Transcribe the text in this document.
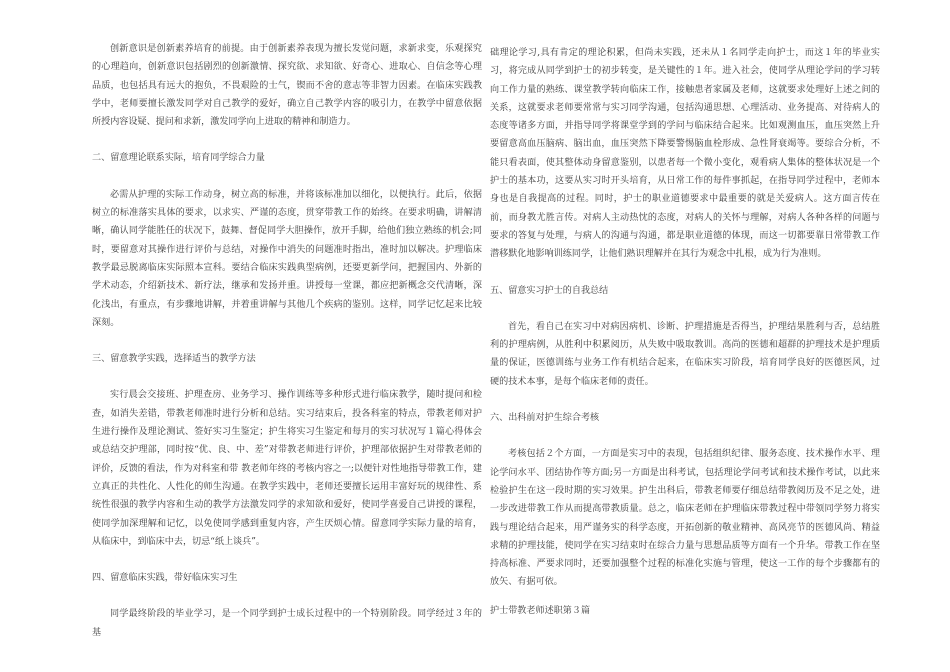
创新意识是创新素养培育的前提。由于创新素养表现为擅长发觉问题，求新求变，乐观探究的心理趋向，创新意识包括剧烈的创新激情、探究欲、求知欲、好奇心、进取心、自信念等心理品质，也包括具有远大的抱负，不畏艰险的士气，锲而不舍的意志等非智力因素。在临床实践教学中，老师要擅长激发同学对自己教学的爱好，确立自己教学内容的吸引力，在教学中留意依据所授内容设疑、提问和求新，激发同学向上进取的精神和制造力。

二、留意理论联系实际，培育同学综合力量

必需从护理的实际工作动身，树立高的标准，并将该标准加以细化，以便执行。此后，依据树立的标准落实具体的要求，以求实、严谨的态度，贯穿带教工作的始终。在要求明确，讲解清晰，确认同学能胜任的状况下，鼓舞、督促同学大胆操作，放开手脚，给他们独立熟练的机会;同时，要留意对其操作进行评价与总结，对操作中消失的问题准时指出，准时加以解决。护理临床教学最忌脱离临床实际照本宣科。要结合临床实践典型病例，还要更新学问，把握国内、外新的学术动态，介绍新技术、新疗法，继承和发扬并重。讲授每一堂课，都应把新概念交代清晰，深化浅出，有重点，有步骤地讲解，并着重讲解与其他几个疾病的鉴别。这样，同学记忆起来比较深刻。

三、留意教学实践，选择适当的教学方法

实行晨会交接班、护理查房、业务学习、操作训练等多种形式进行临床教学，随时提问和检查，如消失差错，带教老师准时进行分析和总结。实习结束后，投各科室的特点，带教老师对护生进行操作及理论测试、签好实习生鉴定；护生将实习生鉴定和每月的实习状况写１篇心得体会或总结交护理部，同时按“优、良、中、差”对带教老师进行评价，护理部依据护生对带教老师的评价，反馈的看法，作为对科室和带 教老师年终的考核内容之一;以便针对性地指导带教工作，建立真正的共性化、人性化的师生沟通。在教学实践中，老师还要擅长运用丰富好玩的规律性、系统性很强的教学内容和生动的教学方法激发同学的求知欲和爱好，使同学喜爱自己讲授的课程，使同学加深理解和记忆，以免使同学感到重复内容，产生厌烦心情。留意同学实际力量的培育，从临床中，到临床中去，切忌“纸上谈兵”。

四、留意临床实践，带好临床实习生

同学最终阶段的毕业学习，是一个同学到护士成长过程中的一个特别阶段。同学经过３年的基

础理论学习,具有肯定的理论积累，但尚未实践，还未从１名同学走向护士，而这１年的毕业实习，将完成从同学到护士的初步转变，是关键性的１年。进入社会，使同学从理论学问的学习转向工作力量的熟练、课堂教学转向临床工作，接触患者家属及老师，这就要求处理好上述之间的关系，这就要求老师要常常与实习同学沟通，包括沟通思想、心理活动、业务提高、对待病人的态度等诸多方面，并指导同学将课堂学到的学问与临床结合起来。比如观测血压，血压突然上升要留意高血压脑病、脑出血，血压突然下降要警惕脑血栓形成、急性肾衰竭等。要综合分析，不能只看表面，使其整体动身留意鉴别，以患者每一个微小变化，观看病人集体的整体状况是一个护士的基本功，这要从实习时开头培育，从日常工作的每件事抓起，在指导同学过程中，老师本身也是自我提高的过程。同时，护士的职业道德要求中最重要的就是关爱病人。这方面言传在前，而身教尤胜言传。对病人主动热忱的态度，对病人的关怀与理解，对病人各种各样的问题与要求的答复与处理，与病人的沟通与沟通，都是职业道德的体现，而这一切都要靠日常带教工作潜移默化地影响训练同学，让他们熟识理解并在其行为观念中扎根，成为行为准则。

五、留意实习护士的自我总结

首先，看自己在实习中对病因病机、诊断、护理措施是否得当，护理结果胜利与否，总结胜利的护理病例，从胜利中积累阅历，从失败中吸取教训。高尚的医德和超群的护理技术是护理质量的保证，医德训练与业务工作有机结合起来，在临床实习阶段，培育同学良好的医德医风，过硬的技术本事，是每个临床老师的责任。

六、出科前对护生综合考核

考核包括２个方面，一方面是实习中的表现，包括组织纪律、服务态度、技术操作水平、理论学问水平、团结协作等方面;另一方面是出科考试，包括理论学问考试和技术操作考试，以此来检验护生在这一段时期的实习效果。护生出科后，带教老师要仔细总结带教阅历及不足之处，进一步改进带教工作从而提高带教质量。总之，临床老师在护理临床带教过程中带领同学努力将实践与理论结合起来，用严谨务实的科学态度，开拓创新的敬业精神、高风亮节的医德风尚、精益求精的护理技能，使同学在实习结束时在综合力量与思想品质等方面有一个升华。带教工作在坚持高标准、严要求同时，还要加强整个过程的标准化实施与管理，使这一工作的每个步骤都有的放矢、有据可依。

护士带教老师述职第３篇
